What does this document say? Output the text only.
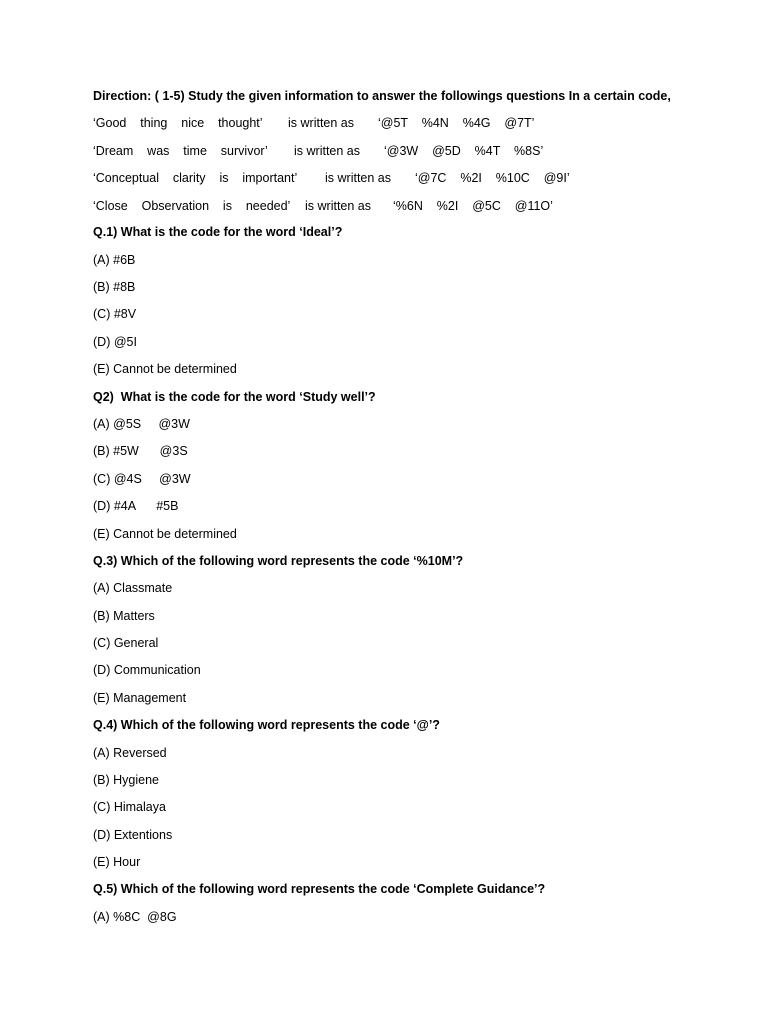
Direction: ( 1-5) Study the given information to answer the followings questions In a certain code,

‘Good    thing    nice    thought’

is written as

‘@5T    %4N    %4G    @7T’

‘Dream    was    time    survivor’

is written as

‘@3W    @5D    %4T    %8S’

‘Conceptual    clarity    is    important’

is written as

‘@7C    %2I    %10C    @9I’

‘Close    Observation    is    needed’

is written as

‘%6N    %2I    @5C    @11O’

Q.1) What is the code for the word ‘Ideal’?
(A) #6B
(B) #8B
(C) #8V
(D) @5I
(E) Cannot be determined
Q2)  What is the code for the word ‘Study well’?
(A) @5S     @3W
(B) #5W      @3S
(C) @4S     @3W
(D) #4A      #5B
(E) Cannot be determined
Q.3) Which of the following word represents the code ‘%10M’?
(A) Classmate
(B) Matters
(C) General
(D) Communication
(E) Management
Q.4) Which of the following word represents the code ‘@’?
(A) Reversed
(B) Hygiene
(C) Himalaya
(D) Extentions
(E) Hour
Q.5) Which of the following word represents the code ‘Complete Guidance’?
(A) %8C  @8G
